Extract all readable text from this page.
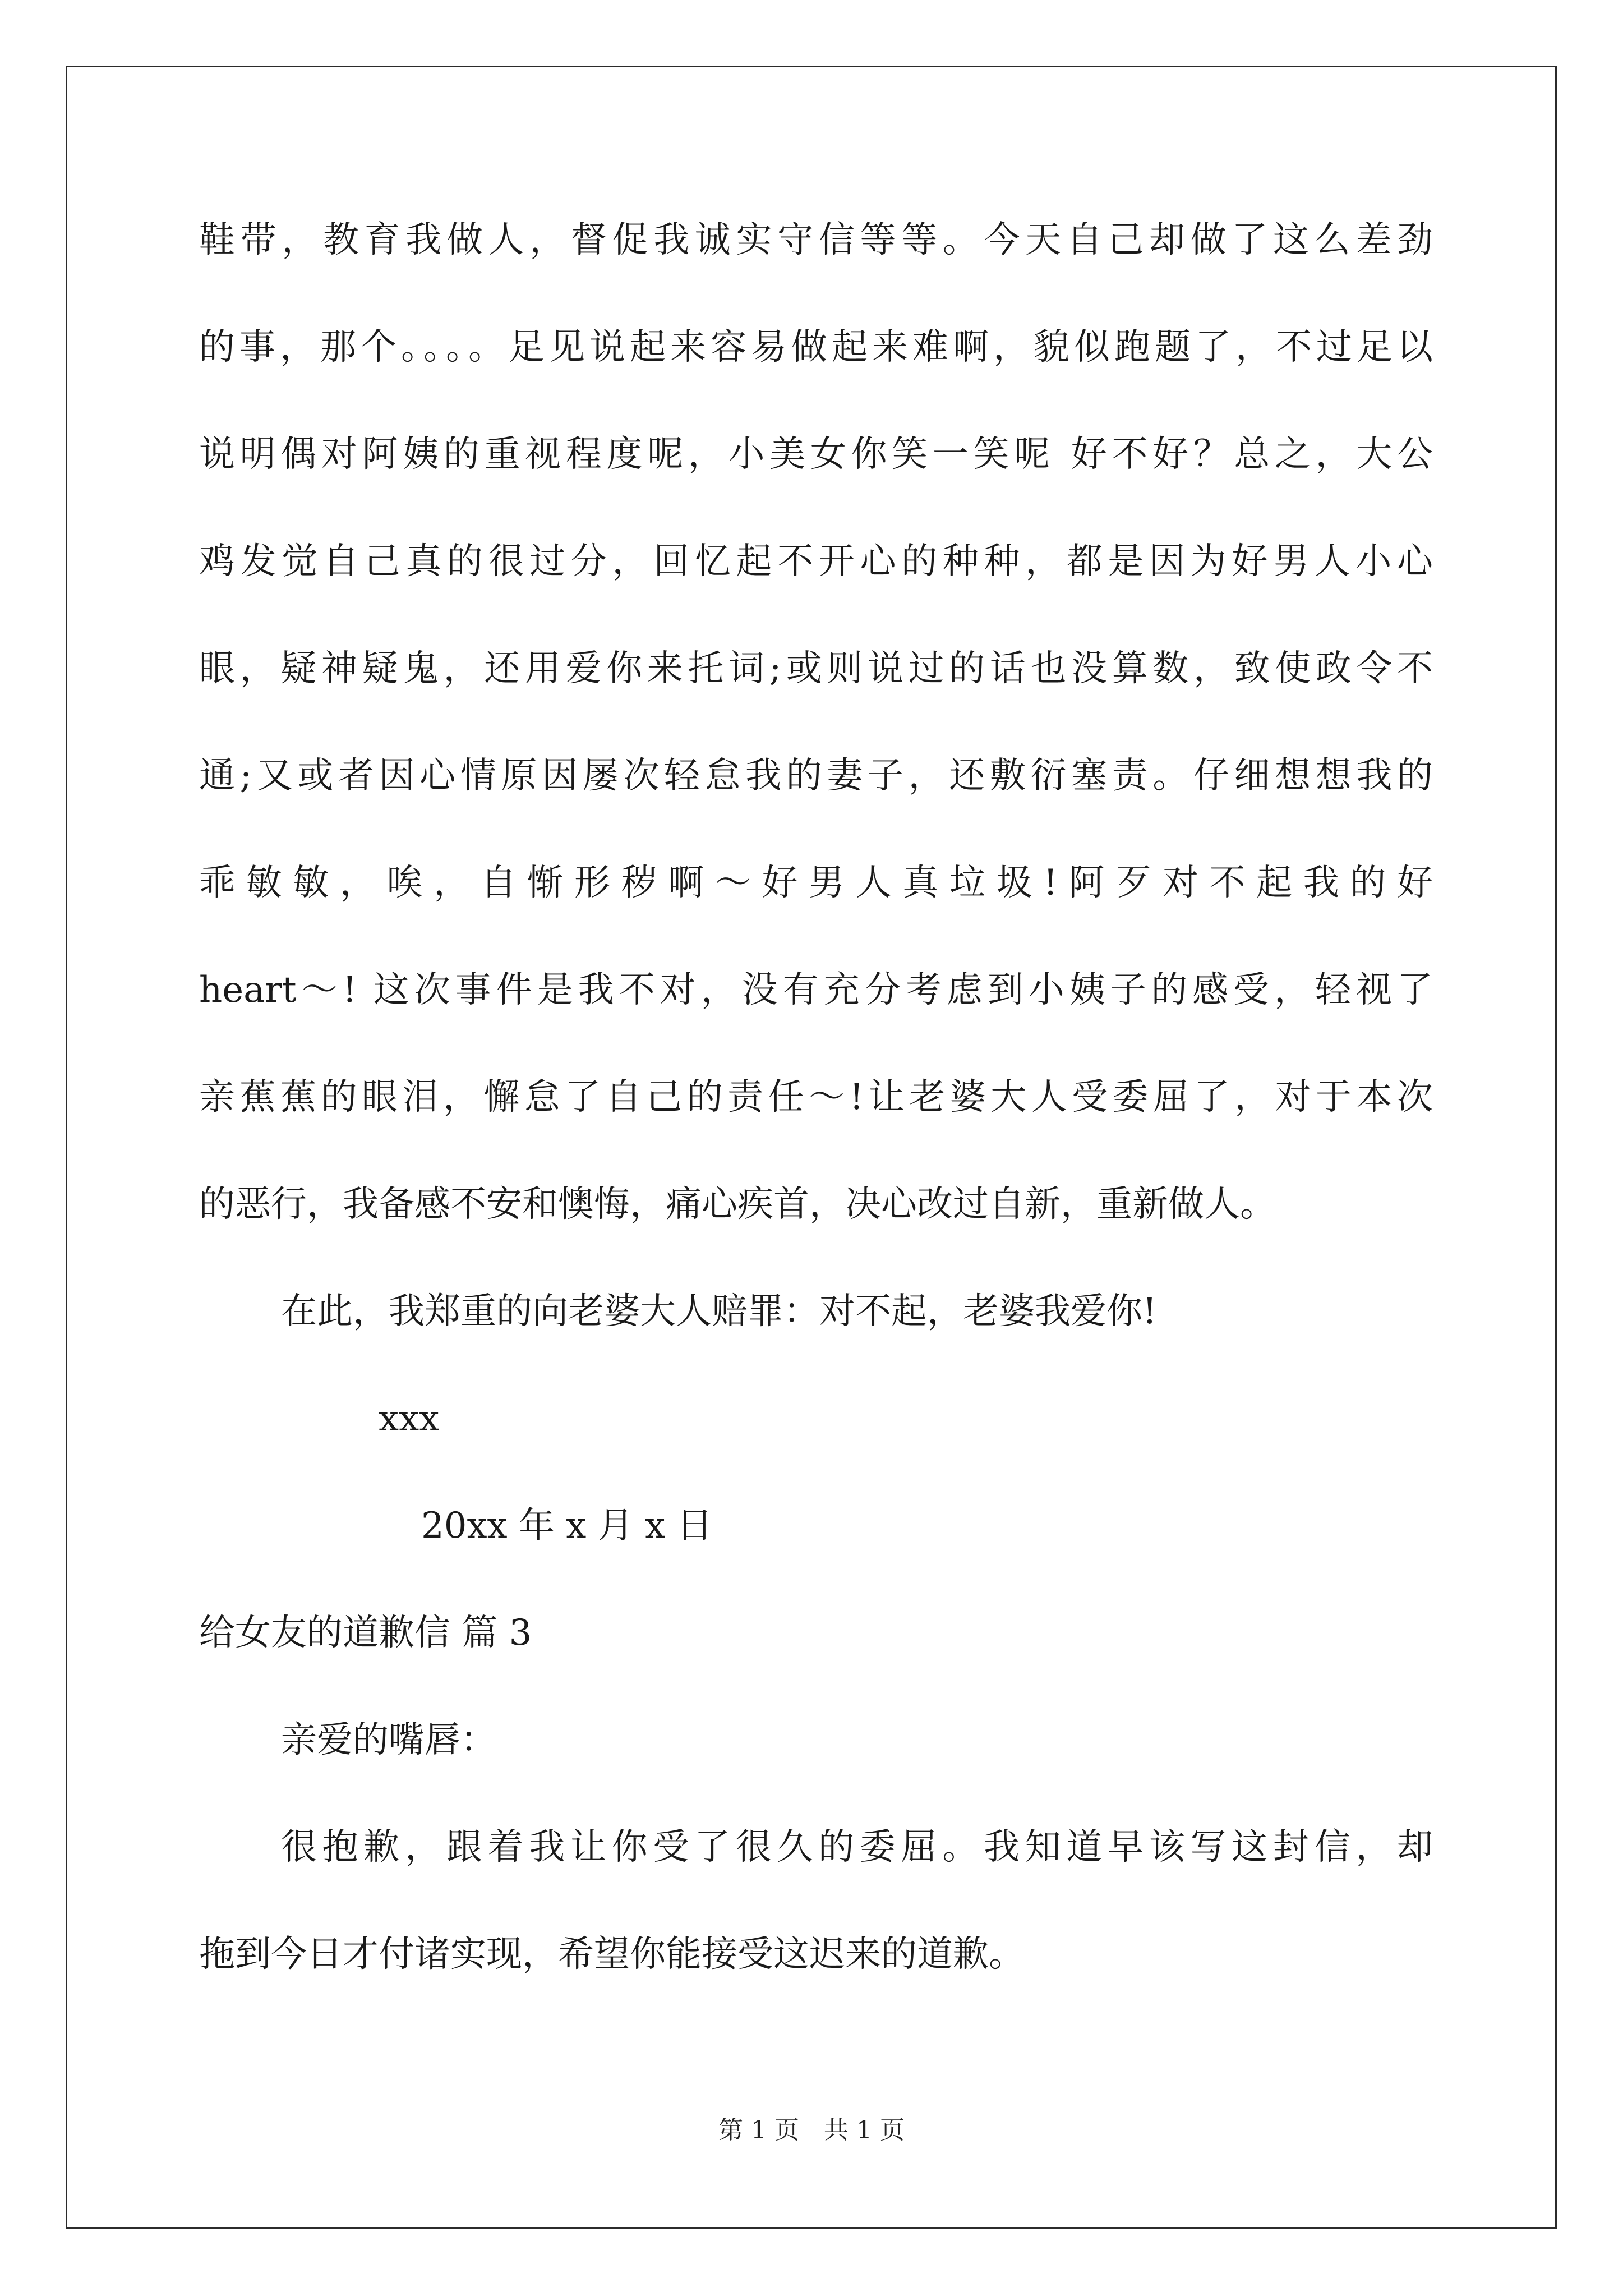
鞋带，教育我做人，督促我诚实守信等等。今天自己却做了这么差劲
的事，那个。。。。足见说起来容易做起来难啊，貌似跑题了，不过足以
说明偶对阿姨的重视程度呢，小美女你笑一笑呢 好不好？总之，大公
鸡发觉自己真的很过分，回忆起不开心的种种，都是因为好男人小心
眼，疑神疑鬼，还用爱你来托词;或则说过的话也没算数，致使政令不
通;又或者因心情原因屡次轻怠我的妻子，还敷衍塞责。仔细想想我的
乖敏敏，唉，自惭形秽啊～好男人真垃圾!阿歹对不起我的好
heart～! 这次事件是我不对，没有充分考虑到小姨子的感受，轻视了
亲蕉蕉的眼泪，懈怠了自己的责任～!让老婆大人受委屈了，对于本次
的恶行，我备感不安和懊悔，痛心疾首，决心改过自新，重新做人。
在此，我郑重的向老婆大人赔罪：对不起，老婆我爱你!
xxx
20xx 年 x 月 x 日
给女友的道歉信 篇 3
亲爱的嘴唇：
很抱歉，跟着我让你受了很久的委屈。我知道早该写这封信，却
拖到今日才付诸实现，希望你能接受这迟来的道歉。
第 1 页　共 1 页
